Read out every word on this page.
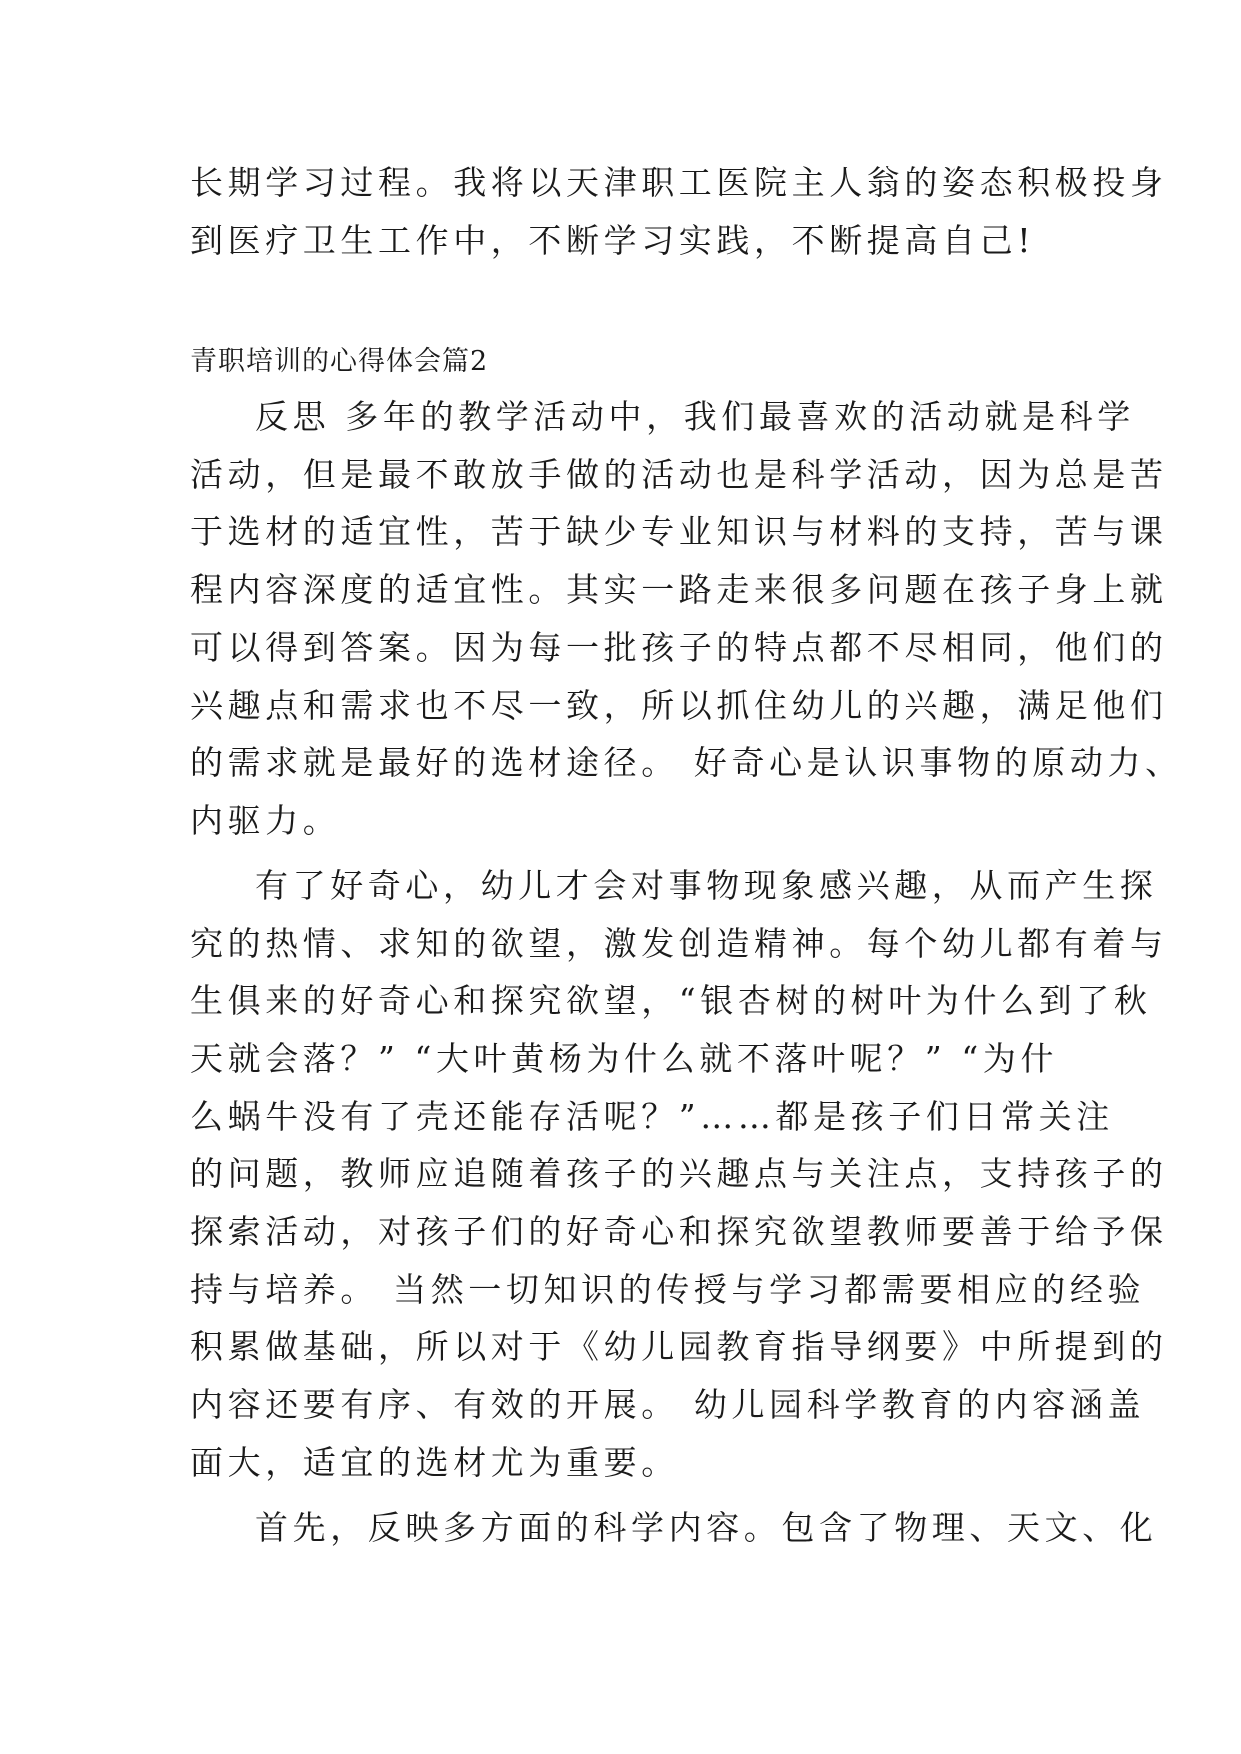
长期学习过程。我将以天津职工医院主人翁的姿态积极投身

到医疗卫生工作中，不断学习实践，不断提高自己!

青职培训的心得体会篇2

反思 多年的教学活动中，我们最喜欢的活动就是科学

活动，但是最不敢放手做的活动也是科学活动，因为总是苦

于选材的适宜性，苦于缺少专业知识与材料的支持，苦与课

程内容深度的适宜性。其实一路走来很多问题在孩子身上就

可以得到答案。因为每一批孩子的特点都不尽相同，他们的

兴趣点和需求也不尽一致，所以抓住幼儿的兴趣，满足他们

的需求就是最好的选材途径。 好奇心是认识事物的原动力、

内驱力。

有了好奇心，幼儿才会对事物现象感兴趣，从而产生探

究的热情、求知的欲望，激发创造精神。每个幼儿都有着与

生俱来的好奇心和探究欲望，“银杏树的树叶为什么到了秋

天就会落？” “大叶黄杨为什么就不落叶呢？” “为什

么蜗牛没有了壳还能存活呢？”……都是孩子们日常关注

的问题，教师应追随着孩子的兴趣点与关注点，支持孩子的

探索活动，对孩子们的好奇心和探究欲望教师要善于给予保

持与培养。 当然一切知识的传授与学习都需要相应的经验

积累做基础，所以对于《幼儿园教育指导纲要》中所提到的

内容还要有序、有效的开展。 幼儿园科学教育的内容涵盖

面大，适宜的选材尤为重要。

首先，反映多方面的科学内容。包含了物理、天文、化
